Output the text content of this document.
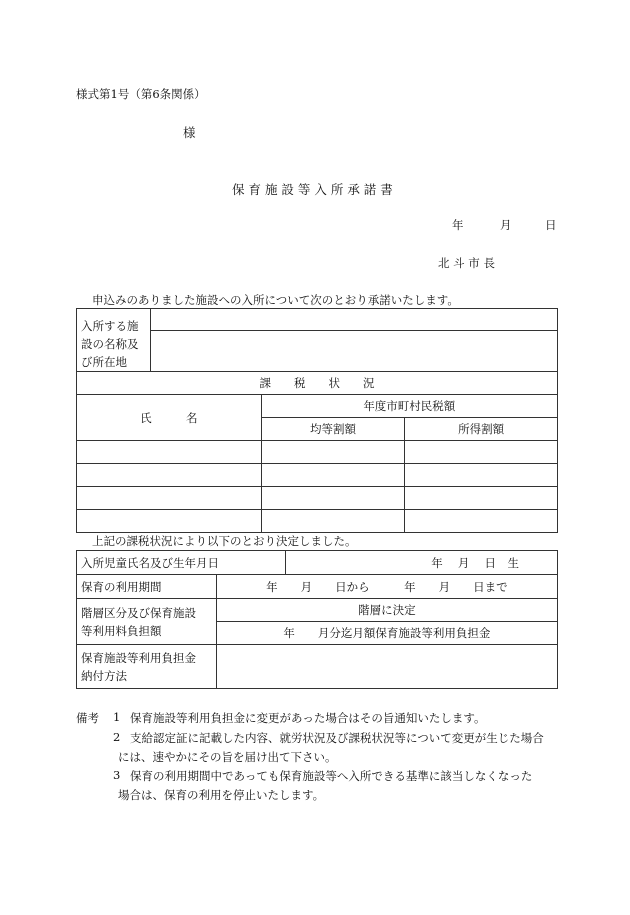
様式第1号（第6条関係）
様
保 育 施 設 等 入 所 承 諾 書
年	月	日
北 斗 市 長
申込みのありました施設への入所について次のとおり承諾いたします。
入所する施
設の名称及
び所在地			

課　　税　　状　　況			
氏　　　名		年度市町村民税額	
		均等割額	所得割額

上記の課税状況により以下のとおり決定しました。
入所児童氏名及び生年月日		年　 月　 日　生
保育の利用期間	年　　月　　日から　　　年　　月　　日まで	
階層区分及び保育施設
等利用料負担額	階層に決定	
	年　　月分迄月額保育施設等利用負担金	
保育施設等利用負担金
納付方法		
備考 1 保育施設等利用負担金に変更があった場合はその旨通知いたします。
2 支給認定証に記載した内容、就労状況及び課税状況等について変更が生じた場合
には、速やかにその旨を届け出て下さい。
3 保育の利用期間中であっても保育施設等へ入所できる基準に該当しなくなった
場合は、保育の利用を停止いたします。
